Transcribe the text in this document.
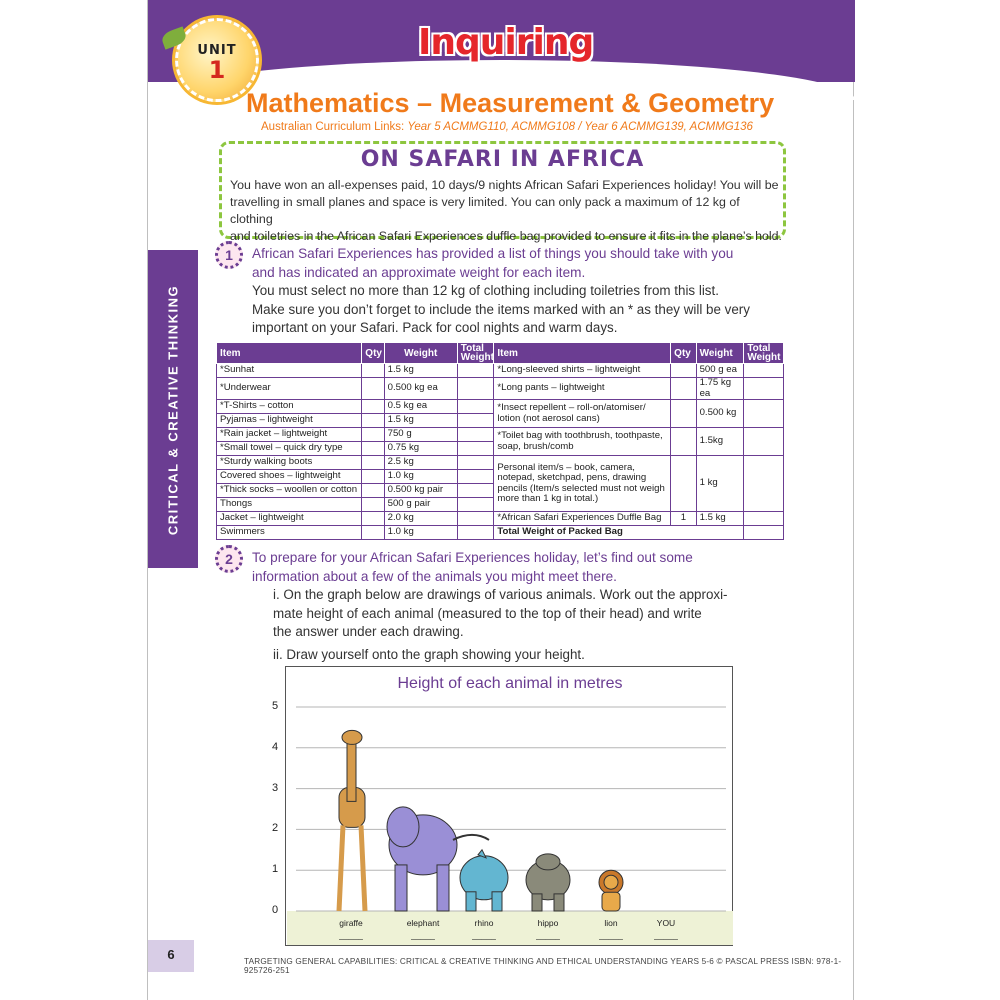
UNIT
1
Inquiring
Mathematics – Measurement & Geometry
Australian Curriculum Links: Year 5 ACMMG110, ACMMG108 / Year 6 ACMMG139, ACMMG136
ON SAFARI IN AFRICA
You have won an all-expenses paid, 10 days/9 nights African Safari Experiences holiday! You will be
travelling in small planes and space is very limited. You can only pack a maximum of 12 kg of clothing
and toiletries in the African Safari Experiences duffle bag provided to ensure it fits in the plane’s hold.
CRITICAL & CREATIVE THINKING
1	African Safari Experiences has provided a list of things you should take with you
and has indicated an approximate weight for each item.
You must select no more than 12 kg of clothing including toiletries from this list.
Make sure you don’t forget to include the items marked with an * as they will be very
important on your Safari. Pack for cool nights and warm days.
Item	Qty	Weight	Total Weight	Item	Qty	Weight	Total Weight
*Sunhat		1.5 kg		*Long-sleeved shirts – lightweight		500 g ea	
*Underwear		0.500 kg ea		*Long pants – lightweight		1.75 kg ea	
*T-Shirts – cotton		0.5 kg ea		*Insect repellent – roll-on/atomiser/ lotion (not aerosol cans)		0.500 kg	
Pyjamas – lightweight		1.5 kg					
*Rain jacket – lightweight		750 g		*Toilet bag with toothbrush, toothpaste, soap, brush/comb		1.5kg	
*Small towel – quick dry type		0.75 kg					
*Sturdy walking boots		2.5 kg		Personal item/s – book, camera, notepad, sketchpad, pens, drawing pencils (Item/s selected must not weigh more than 1 kg in total.)		1 kg	
Covered shoes – lightweight		1.0 kg					
*Thick socks – woollen or cotton		0.500 kg pair					
Thongs		500 g pair					
Jacket – lightweight		2.0 kg		*African Safari Experiences Duffle Bag	1	1.5 kg	
Swimmers		1.0 kg		Total Weight of Packed Bag			
2	To prepare for your African Safari Experiences holiday, let’s find out some
information about a few of the animals you might meet there.
i. On the graph below are drawings of various animals. Work out the approxi-
mate height of each animal (measured to the top of their head) and write
the answer under each drawing.
ii. Draw yourself onto the graph showing your height.
Height of each animal in metres
giraffe
_____
elephant
_____
rhino
_____
hippo
_____
lion
_____
YOU
_____
0
1
2
3
4
5
6	TARGETING GENERAL CAPABILITIES: CRITICAL & CREATIVE THINKING AND ETHICAL UNDERSTANDING YEARS 5-6 © PASCAL PRESS ISBN: 978-1-925726-251
